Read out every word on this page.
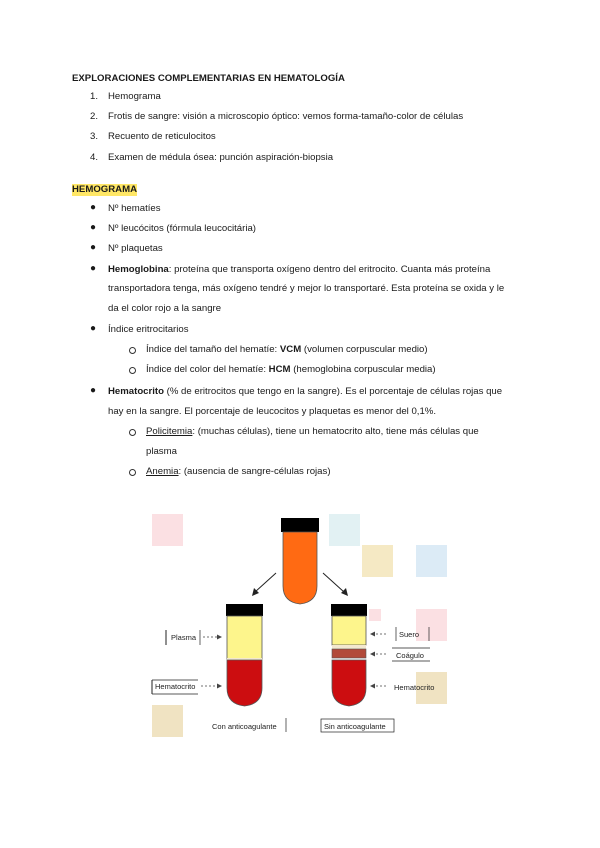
EXPLORACIONES COMPLEMENTARIAS EN HEMATOLOGÍA
1. Hemograma
2. Frotis de sangre: visión a microscopio óptico: vemos forma-tamaño-color de células
3. Recuento de reticulocitos
4. Examen de médula ósea: punción aspiración-biopsia
HEMOGRAMA
● Nº hematíes
● Nº leucócitos (fórmula leucocitária)
● Nº plaquetas
● Hemoglobina: proteína que transporta oxígeno dentro del eritrocito. Cuanta más proteína
transportadora tenga, más oxígeno tendré y mejor lo transportaré. Esta proteína se oxida y le
da el color rojo a la sangre
● Índice eritrocitarios
Índice del tamaño del hematíe: VCM (volumen corpuscular medio)
Índice del color del hematíe: HCM (hemoglobina corpuscular media)
● Hematocrito (% de eritrocitos que tengo en la sangre). Es el porcentaje de células rojas que
hay en la sangre. El porcentaje de leucocitos y plaquetas es menor del 0,1%.
Policitemia: (muchas células), tiene un hematocrito alto, tiene más células que
plasma
Anemia: (ausencia de sangre-células rojas)
Plasma
Hematocrito
Suero
Coágulo
Hematocrito
Con anticoagulante	Sin anticoagulante
